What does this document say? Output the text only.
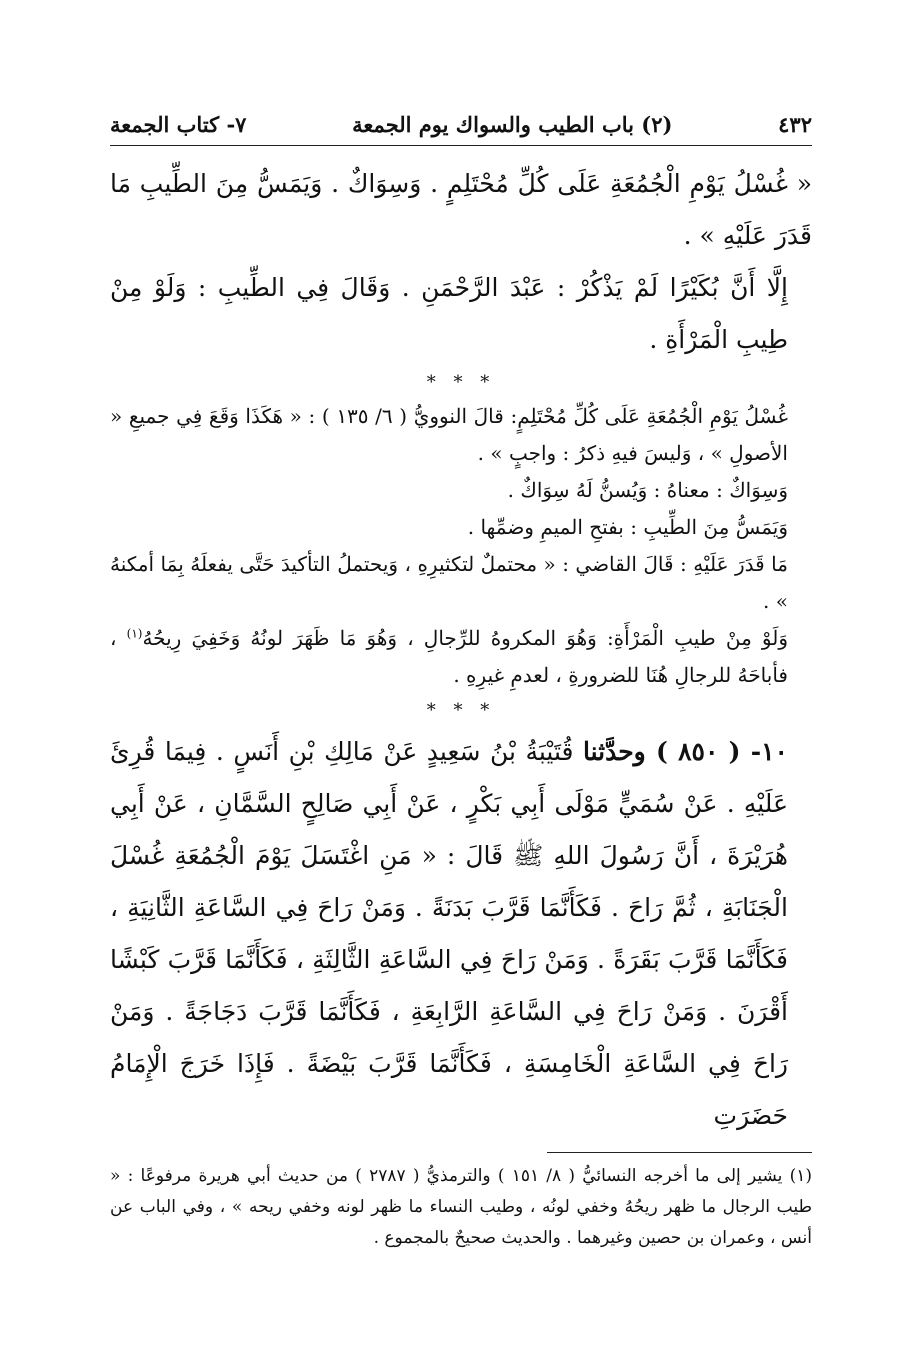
٤٣٢
(٢) باب الطيب والسواك يوم الجمعة
٧- كتاب الجمعة

« غُسْلُ يَوْمِ الْجُمُعَةِ عَلَى كُلِّ مُحْتَلِمٍ . وَسِوَاكٌ . وَيَمَسُّ مِنَ الطِّيبِ مَا قَدَرَ عَلَيْهِ » .

إِلَّا أَنَّ بُكَيْرًا لَمْ يَذْكُرْ : عَبْدَ الرَّحْمَنِ . وَقَالَ فِي الطِّيبِ : وَلَوْ مِنْ طِيبِ الْمَرْأَةِ .

* * *

غُسْلُ يَوْمِ الْجُمُعَةِ عَلَى كُلِّ مُحْتَلِمٍ: قالَ النوويُّ ( ٦/ ١٣٥ ) : « هَكَذَا وَقَعَ فِي جميعِ « الأصولِ » ، وَليسَ فيهِ ذكرُ : واجبٍ » .

وَسِوَاكٌ : معناهُ : وَيُسنُّ لَهُ سِوَاكٌ .

وَيَمَسُّ مِنَ الطِّيبِ : بفتحِ الميمِ وضمِّها .

مَا قَدَرَ عَلَيْهِ : قَالَ القاضي : « محتملٌ لتكثيرِهِ ، وَيحتملُ التأكيدَ حَتَّى يفعلَهُ بِمَا أمكنهُ » .

وَلَوْ مِنْ طيبِ الْمَرْأَةِ: وَهُوَ المكروهُ للرِّجالِ ، وَهُوَ مَا ظَهَرَ لونُهُ وَخَفِيَ رِيحُهُ$^{(١)}$ ، فأباحَهُ للرجالِ هُنَا للضرورةِ ، لعدمِ غيرِهِ .

* * *

١٠- ( ٨٥٠ ) وحدَّثنا قُتَيْبَةُ بْنُ سَعِيدٍ عَنْ مَالِكِ بْنِ أَنَسٍ . فِيمَا قُرِئَ عَلَيْهِ . عَنْ سُمَيٍّ مَوْلَى أَبِي بَكْرٍ ، عَنْ أَبِي صَالِحٍ السَّمَّانِ ، عَنْ أَبِي هُرَيْرَةَ ، أَنَّ رَسُولَ اللهِ ﷺ قَالَ : « مَنِ اغْتَسَلَ يَوْمَ الْجُمُعَةِ غُسْلَ الْجَنَابَةِ ، ثُمَّ رَاحَ . فَكَأَنَّمَا قَرَّبَ بَدَنَةً . وَمَنْ رَاحَ فِي السَّاعَةِ الثَّانِيَةِ ، فَكَأَنَّمَا قَرَّبَ بَقَرَةً . وَمَنْ رَاحَ فِي السَّاعَةِ الثَّالِثَةِ ، فَكَأَنَّمَا قَرَّبَ كَبْشًا أَقْرَنَ . وَمَنْ رَاحَ فِي السَّاعَةِ الرَّابِعَةِ ، فَكَأَنَّمَا قَرَّبَ دَجَاجَةً . وَمَنْ رَاحَ فِي السَّاعَةِ الْخَامِسَةِ ، فَكَأَنَّمَا قَرَّبَ بَيْضَةً . فَإِذَا خَرَجَ الْإِمَامُ حَضَرَتِ

(١) يشير إلى ما أخرجه النسائيُّ ( ٨/ ١٥١ ) والترمذيُّ ( ٢٧٨٧ ) من حديث أبي هريرة مرفوعًا : « طيب الرجال ما ظهر ريحُهُ وخفي لونُه ، وطيب النساء ما ظهر لونه وخفي ريحه » ، وفي الباب عن أنس ، وعمران بن حصين وغيرهما . والحديث صحيحٌ بالمجموع .
